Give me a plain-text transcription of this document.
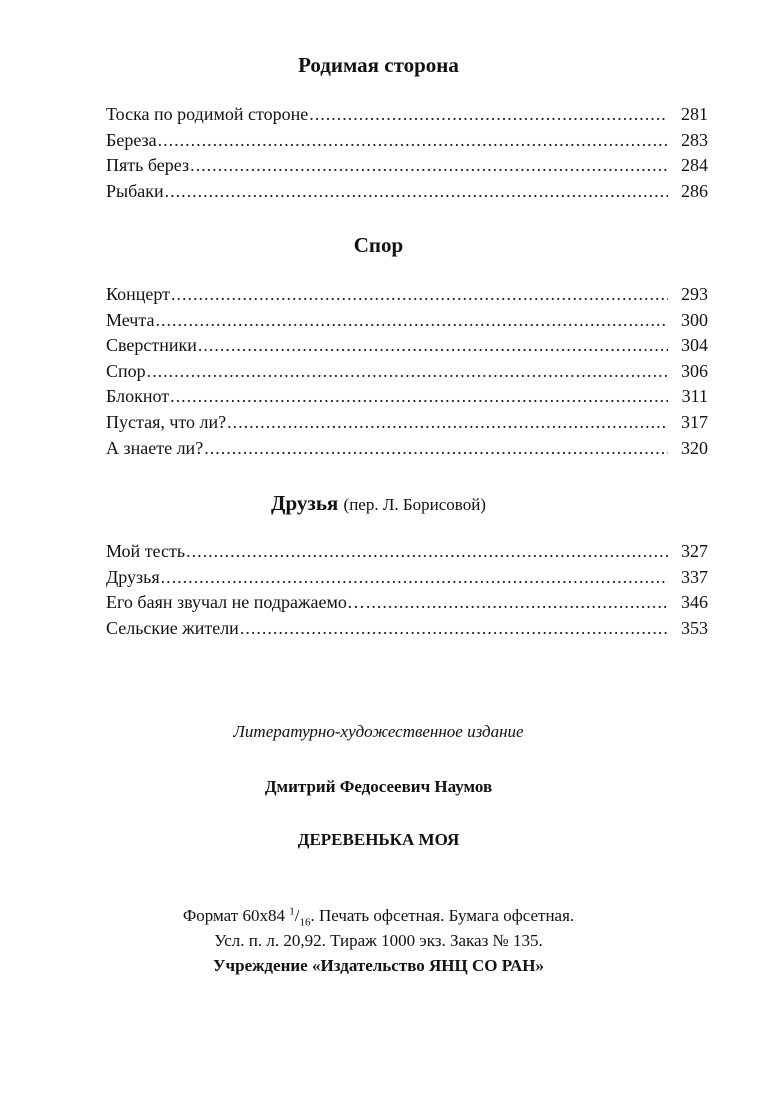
Родимая сторона
Тоска по родимой стороне .....	281
Береза .....	283
Пять берез .....	284
Рыбаки .....	286
Спор
Концерт .....	293
Мечта .....	300
Сверстники .....	304
Спор .....	306
Блокнот .....	311
Пустая, что ли? .....	317
А знаете ли? .....	320
Друзья (пер. Л. Борисовой)
Мой тесть .....	327
Друзья .....	337
Его баян звучал не подражаемо… .....	346
Сельские жители .....	353
Литературно-художественное издание
Дмитрий Федосеевич Наумов
ДЕРЕВЕНЬКА МОЯ
Формат 60x84 $^1/_{16}$. Печать офсетная. Бумага офсетная.
Усл. п. л. 20,92. Тираж 1000 экз. Заказ № 135.
Учреждение «Издательство ЯНЦ СО РАН»
